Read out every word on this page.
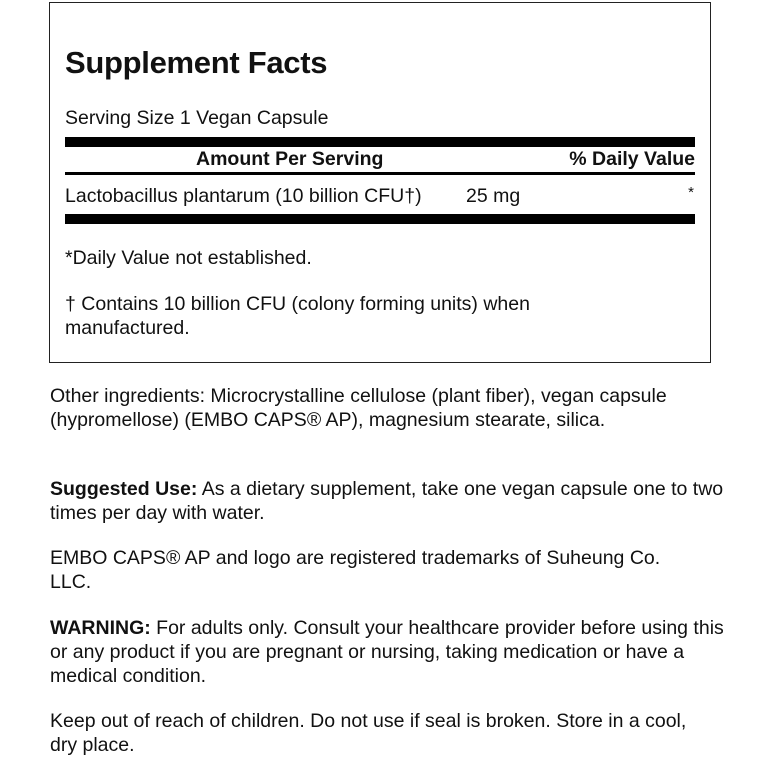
Supplement Facts
Serving Size 1 Vegan Capsule
Amount Per Serving	% Daily Value
Lactobacillus plantarum (10 billion CFU†) 25 mg	*
*Daily Value not established.
† Contains 10 billion CFU (colony forming units) when manufactured.
Other ingredients: Microcrystalline cellulose (plant fiber), vegan capsule (hypromellose) (EMBO CAPS® AP), magnesium stearate, silica.
Suggested Use: As a dietary supplement, take one vegan capsule one to two times per day with water.
EMBO CAPS® AP and logo are registered trademarks of Suheung Co. LLC.
WARNING: For adults only. Consult your healthcare provider before using this or any product if you are pregnant or nursing, taking medication or have a medical condition.
Keep out of reach of children. Do not use if seal is broken. Store in a cool, dry place.
